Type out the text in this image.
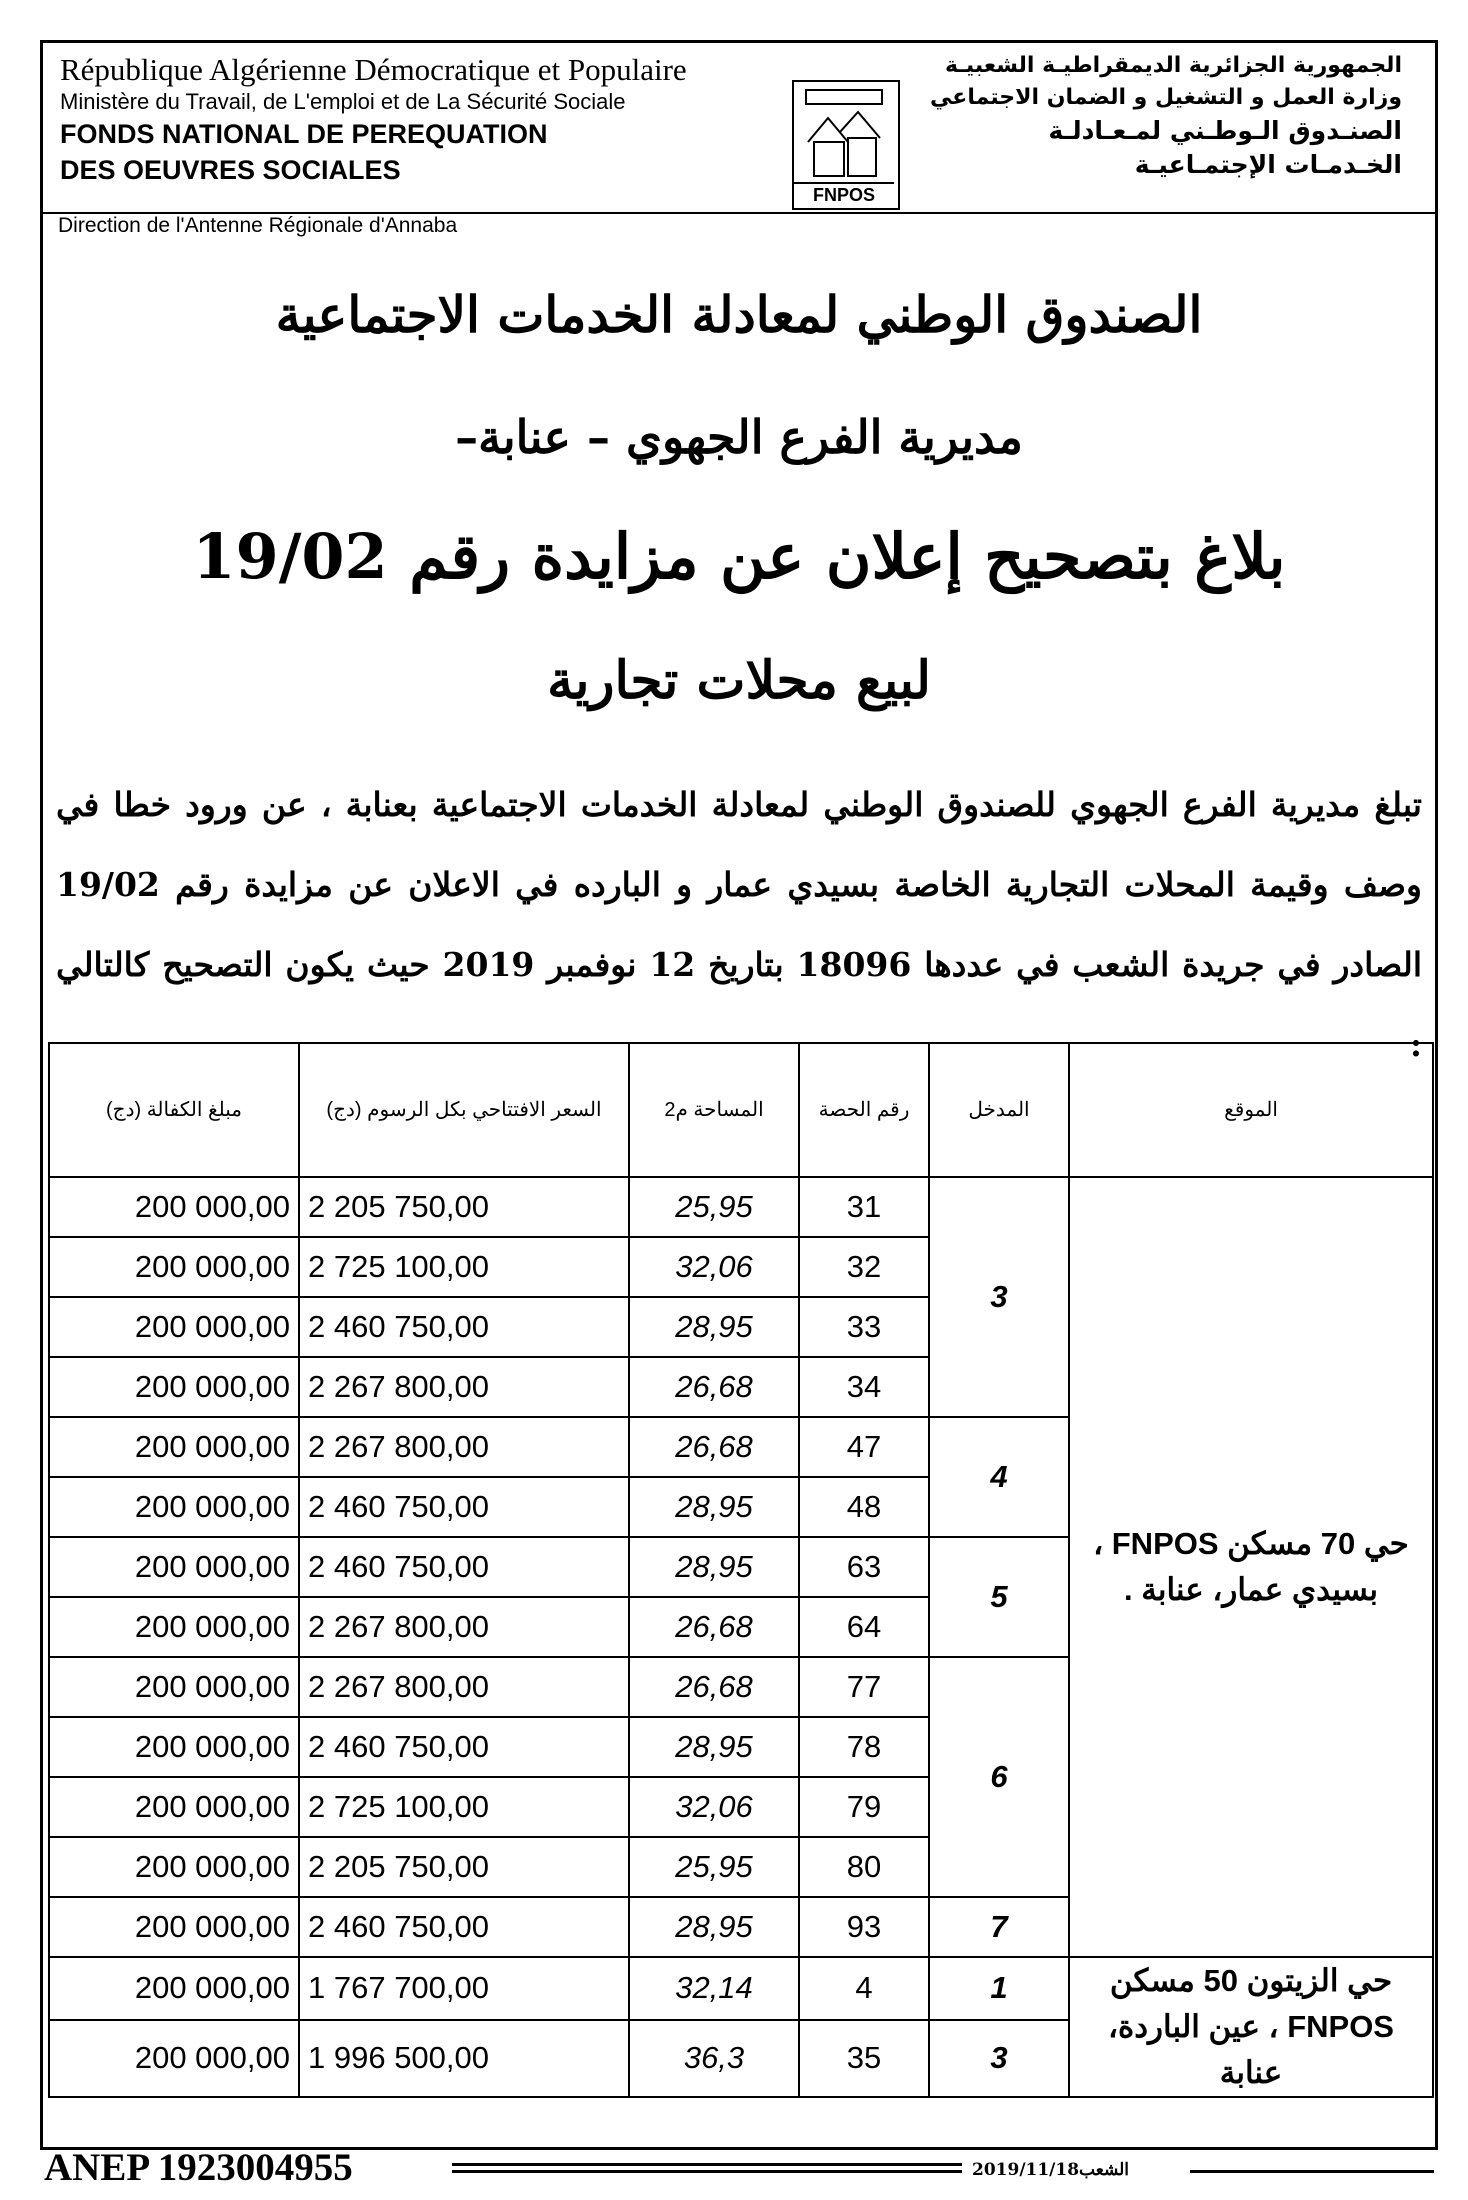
République Algérienne Démocratique et Populaire
Ministère du Travail, de L'emploi et de La Sécurité Sociale
FONDS NATIONAL DE PEREQUATION
DES OEUVRES SOCIALES
FNPOS
الجمهورية الجزائرية الديمقراطيـة الشعبيـة
وزارة العمل و التشغيل و الضمان الاجتماعي
الصنـدوق الـوطـني لمـعـادلـة
الخـدمـات الإجتمـاعيـة
Direction de l'Antenne Régionale d'Annaba
الصندوق الوطني لمعادلة الخدمات الاجتماعية
مديرية الفرع الجهوي – عنابة–
بلاغ بتصحيح إعلان عن مزايدة رقم 19/02
لبيع محلات تجارية
تبلغ مديرية الفرع الجهوي للصندوق الوطني لمعادلة الخدمات الاجتماعية بعنابة ، عن ورود خطا في وصف وقيمة المحلات التجارية الخاصة بسيدي عمار و البارده في الاعلان عن مزايدة رقم 19/02 الصادر في جريدة الشعب في عددها 18096 بتاريخ 12 نوفمبر 2019 حيث يكون التصحيح كالتالي :
مبلغ الكفالة (دج)	السعر الافتتاحي بكل الرسوم (دج)	المساحة م2	رقم الحصة	المدخل	الموقع
200 000,00	2 205 750,00	25,95	31	3	حي 70 مسكن FNPOS ، بسيدي عمار، عنابة .
200 000,00	2 725 100,00	32,06	32		
200 000,00	2 460 750,00	28,95	33		
200 000,00	2 267 800,00	26,68	34		
200 000,00	2 267 800,00	26,68	47	4	
200 000,00	2 460 750,00	28,95	48		
200 000,00	2 460 750,00	28,95	63	5	
200 000,00	2 267 800,00	26,68	64		
200 000,00	2 267 800,00	26,68	77	6	
200 000,00	2 460 750,00	28,95	78		
200 000,00	2 725 100,00	32,06	79		
200 000,00	2 205 750,00	25,95	80		
200 000,00	2 460 750,00	28,95	93	7	
200 000,00	1 767 700,00	32,14	4	1	حي الزيتون 50 مسكن FNPOS ، عين الباردة، عنابة
200 000,00	1 996 500,00	36,3	35	3	
ANEP 1923004955	الشعب2019/11/18
